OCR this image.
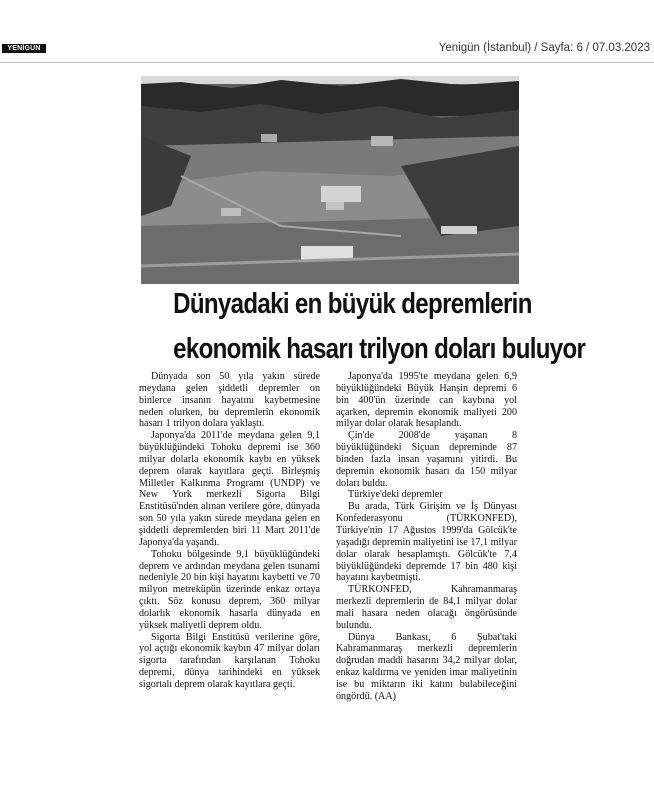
YENİGÜN	Yenigün (İstanbul) / Sayfa: 6 / 07.03.2023
Dünyadaki en büyük depremlerin
ekonomik hasarı trilyon doları buluyor

Dünyada son 50 yıla yakın sürede meydana gelen şiddetli depremler on binlerce insanın hayatını kaybetmesine neden olurken, bu depremlerin ekonomik hasarı 1 trilyon dolara yaklaştı.

Japonya'da 2011'de meydana gelen 9,1 büyüklüğündeki Tohoku depremi ise 360 milyar dolarla ekonomik kaybı en yüksek deprem olarak kayıtlara geçti. Birleşmiş Milletler Kalkınma Programı (UNDP) ve New York merkezli Sigorta Bilgi Enstitüsü'nden alınan verilere göre, dünyada son 50 yıla yakın sürede meydana gelen en şiddetli depremlerden biri 11 Mart 2011'de Japonya'da yaşandı.

Tohoku bölgesinde 9,1 büyüklüğündeki deprem ve ardından meydana gelen tsunami nedeniyle 20 bin kişi hayatını kaybetti ve 70 milyon metreküpün üzerinde enkaz ortaya çıktı. Söz konusu deprem, 360 milyar dolarlık ekonomik hasarla dünyada en yüksek maliyetli deprem oldu.

Sigorta Bilgi Enstitüsü verilerine göre, yol açtığı ekonomik kaybın 47 milyar doları sigorta tarafından karşılanan Tohoku depremi, dünya tarihindeki en yüksek sigortalı deprem olarak kayıtlara geçti.

Japonya'da 1995'te meydana gelen 6,9 büyüklüğündeki Büyük Hanşin depremi 6 bin 400'ün üzerinde can kaybına yol açarken, depremin ekonomik maliyeti 200 milyar dolar olarak hesaplandı.

Çin'de 2008'de yaşanan 8 büyüklüğündeki Siçuan depreminde 87 binden fazla insan yaşamını yitirdi. Bu depremin ekonomik hasarı da 150 milyar doları buldu.

Türkiye'deki depremler

Bu arada, Türk Girişim ve İş Dünyası Konfederasyonu (TÜRKONFED), Türkiye'nin 17 Ağustos 1999'da Gölcük'te yaşadığı depremin maliyetini ise 17,1 milyar dolar olarak hesaplamıştı. Gölcük'te 7,4 büyüklüğündeki depremde 17 bin 480 kişi hayatını kaybetmişti.

TÜRKONFED, Kahramanmaraş merkezli depremlerin de 84,1 milyar dolar mali hasara neden olacağı öngörüsünde bulundu.

Dünya Bankası, 6 Şubat'taki Kahramanmaraş merkezli depremlerin doğrudan maddi hasarını 34,2 milyar dolar, enkaz kaldırma ve yeniden imar maliyetinin ise bu miktarın iki katını bulabileceğini öngördü. (AA)
